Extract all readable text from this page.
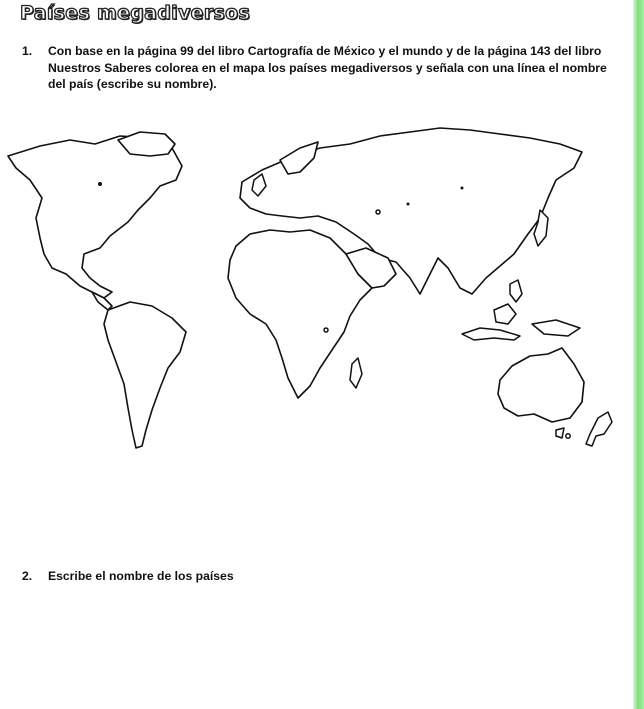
Países megadiversos
1. Con base en la página 99 del libro Cartografía de México y el mundo y de la página 143 del libro Nuestros Saberes colorea en el mapa los países megadiversos y señala con una línea el nombre del país (escribe su nombre).
2. Escribe el nombre de los países
